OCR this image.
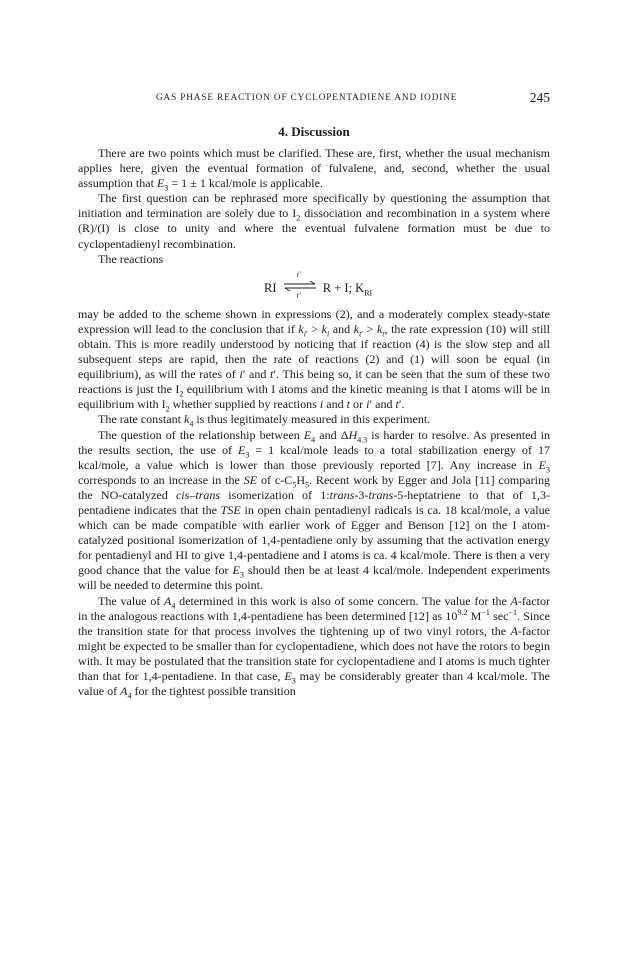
GAS PHASE REACTION OF CYCLOPENTADIENE AND IODINE	245
4. Discussion

There are two points which must be clarified. These are, first, whether the usual mechanism applies here, given the eventual formation of fulvalene, and, second, whether the usual assumption that $E_3 = 1 \pm 1$ kcal/mole is applicable.

The first question can be rephrased more specifically by questioning the assumption that initiation and termination are solely due to $I_2$ dissociation and recombination in a system where (R)/(I) is close to unity and where the eventual fulvalene formation must be due to cyclopentadienyl recombination.

The reactions

RI
i′
t′
R + I; $K_{RI}$

may be added to the scheme shown in expressions (2), and a moderately complex steady-state expression will lead to the conclusion that if $k_{i'} > k_i$ and $k_{t'} > k_t$, the rate expression (10) will still obtain. This is more readily understood by noticing that if reaction (4) is the slow step and all subsequent steps are rapid, then the rate of reactions (2) and (1) will soon be equal (in equilibrium), as will the rates of i′ and t′. This being so, it can be seen that the sum of these two reactions is just the $I_2$ equilibrium with I atoms and the kinetic meaning is that I atoms will be in equilibrium with $I_2$ whether supplied by reactions i and t or i′ and t′.

The rate constant $k_4$ is thus legitimately measured in this experiment.

The question of the relationship between $E_4$ and $\Delta H_{4.3}$ is harder to resolve. As presented in the results section, the use of $E_3 = 1$ kcal/mole leads to a total stabilization energy of 17 kcal/mole, a value which is lower than those previously reported [7]. Any increase in $E_3$ corresponds to an increase in the SE of $c-C_5H_5$. Recent work by Egger and Jola [11] comparing the NO-catalyzed cis–trans isomerization of 1:trans-3-trans-5-heptatriene to that of 1,3-pentadiene indicates that the TSE in open chain pentadienyl radicals is ca. 18 kcal/mole, a value which can be made compatible with earlier work of Egger and Benson [12] on the I atom-catalyzed positional isomerization of 1,4-pentadiene only by assuming that the activation energy for pentadienyl and HI to give 1,4-pentadiene and I atoms is ca. 4 kcal/mole. There is then a very good chance that the value for $E_3$ should then be at least 4 kcal/mole. Independent experiments will be needed to determine this point.

The value of $A_4$ determined in this work is also of some concern. The value for the A-factor in the analogous reactions with 1,4-pentadiene has been determined [12] as $10^{9.2}$ $M^{-1}$ $\sec^{-1}$. Since the transition state for that process involves the tightening up of two vinyl rotors, the A-factor might be expected to be smaller than for cyclopentadiene, which does not have the rotors to begin with. It may be postulated that the transition state for cyclopentadiene and I atoms is much tighter than that for 1,4-pentadiene. In that case, $E_3$ may be considerably greater than 4 kcal/mole. The value of $A_4$ for the tightest possible transition
